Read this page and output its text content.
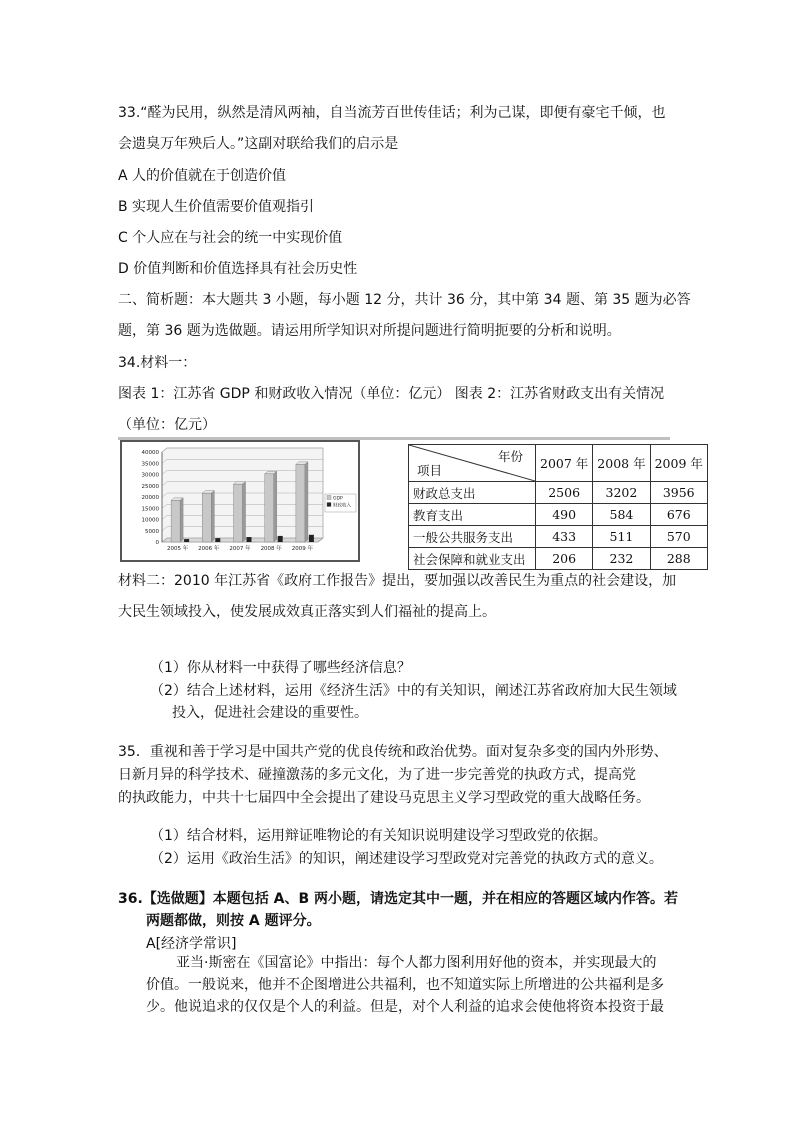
33.“醛为民用，纵然是清风两袖，自当流芳百世传佳话；利为己谋，即便有豪宅千倾，也
会遗臭万年殃后人。”这副对联给我们的启示是
A 人的价值就在于创造价值
B 实现人生价值需要价值观指引
C 个人应在与社会的统一中实现价值
D 价值判断和价值选择具有社会历史性
二、简析题：本大题共 3 小题，每小题 12 分，共计 36 分，其中第 34 题、第 35 题为必答
题，第 36 题为选做题。请运用所学知识对所提问题进行简明扼要的分析和说明。
34.材料一：
图表 1：江苏省 GDP 和财政收入情况（单位：亿元） 图表 2：江苏省财政支出有关情况
（单位：亿元）
0
5000
10000
15000
20000
25000
30000
35000
40000
2005 年 2006 年 2007 年 2008 年 2009 年
GDP
财政收入
年份
项目	2007 年	2008 年	2009 年
财政总支出	2506	3202	3956
教育支出	490	584	676
一般公共服务支出	433	511	570
社会保障和就业支出	206	232	288
材料二：2010 年江苏省《政府工作报告》提出，要加强以改善民生为重点的社会建设，加
大民生领域投入，使发展成效真正落实到人们福祉的提高上。
（1）你从材料一中获得了哪些经济信息？
（2）结合上述材料，运用《经济生活》中的有关知识，阐述江苏省政府加大民生领域
投入，促进社会建设的重要性。
35．重视和善于学习是中国共产党的优良传统和政治优势。面对复杂多变的国内外形势、
日新月异的科学技术、碰撞激荡的多元文化，为了进一步完善党的执政方式，提高党
的执政能力，中共十七届四中全会提出了建设马克思主义学习型政党的重大战略任务。
（1）结合材料，运用辩证唯物论的有关知识说明建设学习型政党的依据。
（2）运用《政治生活》的知识，阐述建设学习型政党对完善党的执政方式的意义。
36.【选做题】本题包括 A、B 两小题，请选定其中一题，并在相应的答题区域内作答。若
两题都做，则按 A 题评分。
A[经济学常识]
亚当·斯密在《国富论》中指出：每个人都力图利用好他的资本，并实现最大的
价值。一般说来，他并不企图增进公共福利，也不知道实际上所增进的公共福利是多
少。他说追求的仅仅是个人的利益。但是，对个人利益的追求会使他将资本投资于最
